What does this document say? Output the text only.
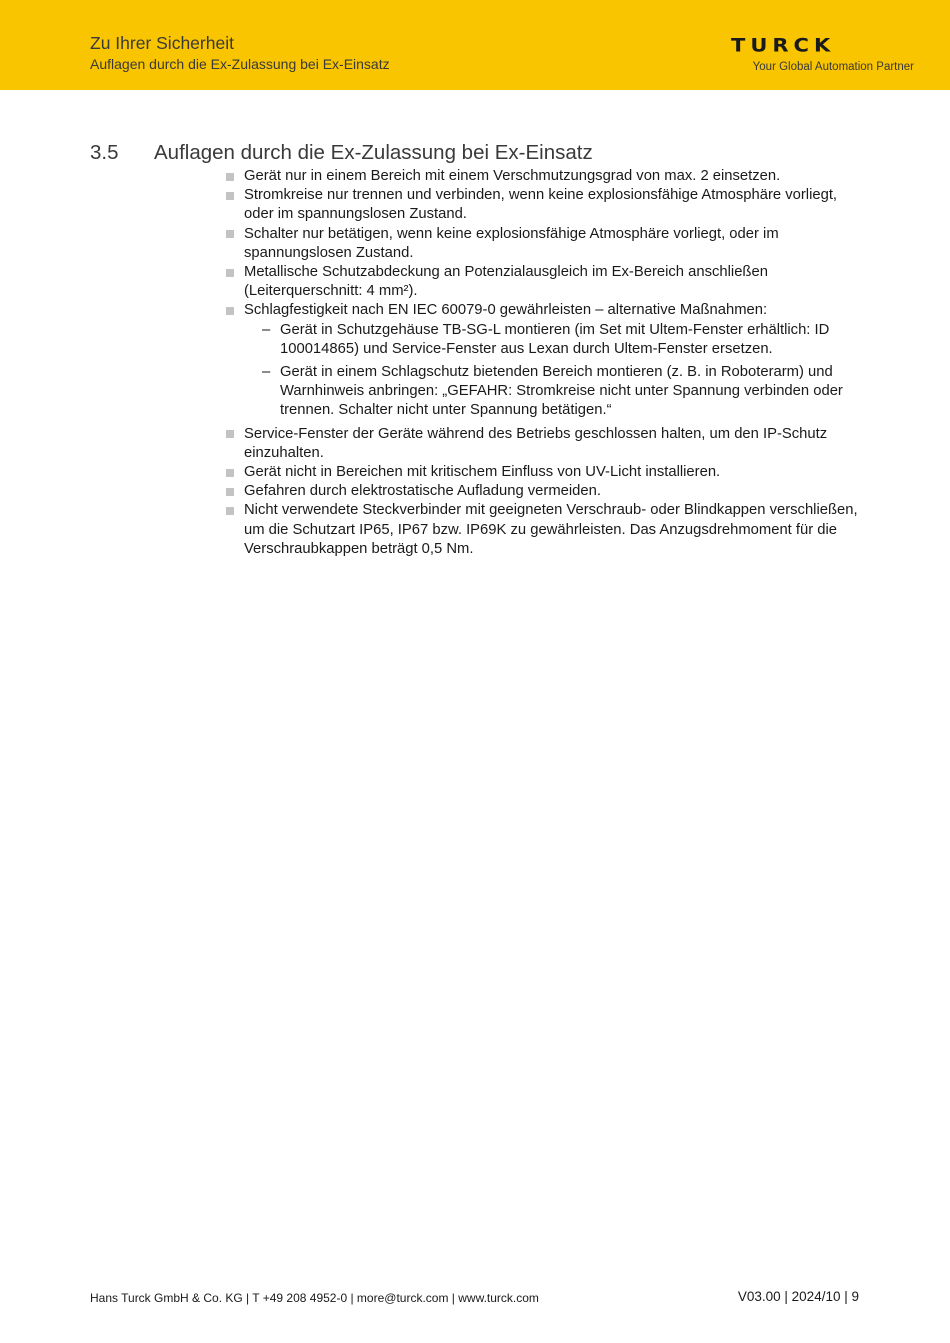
Zu Ihrer Sicherheit
Auflagen durch die Ex-Zulassung bei Ex-Einsatz
TURCK
Your Global Automation Partner
3.5 Auflagen durch die Ex-Zulassung bei Ex-Einsatz
Gerät nur in einem Bereich mit einem Verschmutzungsgrad von max. 2 einsetzen.
Stromkreise nur trennen und verbinden, wenn keine explosionsfähige Atmosphäre vorliegt, oder im spannungslosen Zustand.
Schalter nur betätigen, wenn keine explosionsfähige Atmosphäre vorliegt, oder im spannungslosen Zustand.
Metallische Schutzabdeckung an Potenzialausgleich im Ex-Bereich anschließen (Leiterquerschnitt: 4 mm²).
Schlagfestigkeit nach EN IEC 60079-0 gewährleisten – alternative Maßnahmen:
– Gerät in Schutzgehäuse TB-SG-L montieren (im Set mit Ultem-Fenster erhältlich: ID 100014865) und Service-Fenster aus Lexan durch Ultem-Fenster ersetzen.
– Gerät in einem Schlagschutz bietenden Bereich montieren (z. B. in Roboterarm) und Warnhinweis anbringen: „GEFAHR: Stromkreise nicht unter Spannung verbinden oder trennen. Schalter nicht unter Spannung betätigen.“
Service-Fenster der Geräte während des Betriebs geschlossen halten, um den IP-Schutz einzuhalten.
Gerät nicht in Bereichen mit kritischem Einfluss von UV-Licht installieren.
Gefahren durch elektrostatische Aufladung vermeiden.
Nicht verwendete Steckverbinder mit geeigneten Verschraub- oder Blindkappen verschließen, um die Schutzart IP65, IP67 bzw. IP69K zu gewährleisten. Das Anzugsdrehmoment für die Verschraubkappen beträgt 0,5 Nm.
Hans Turck GmbH & Co. KG | T +49 208 4952-0 | more@turck.com | www.turck.com	V03.00 | 2024/10 | 9
